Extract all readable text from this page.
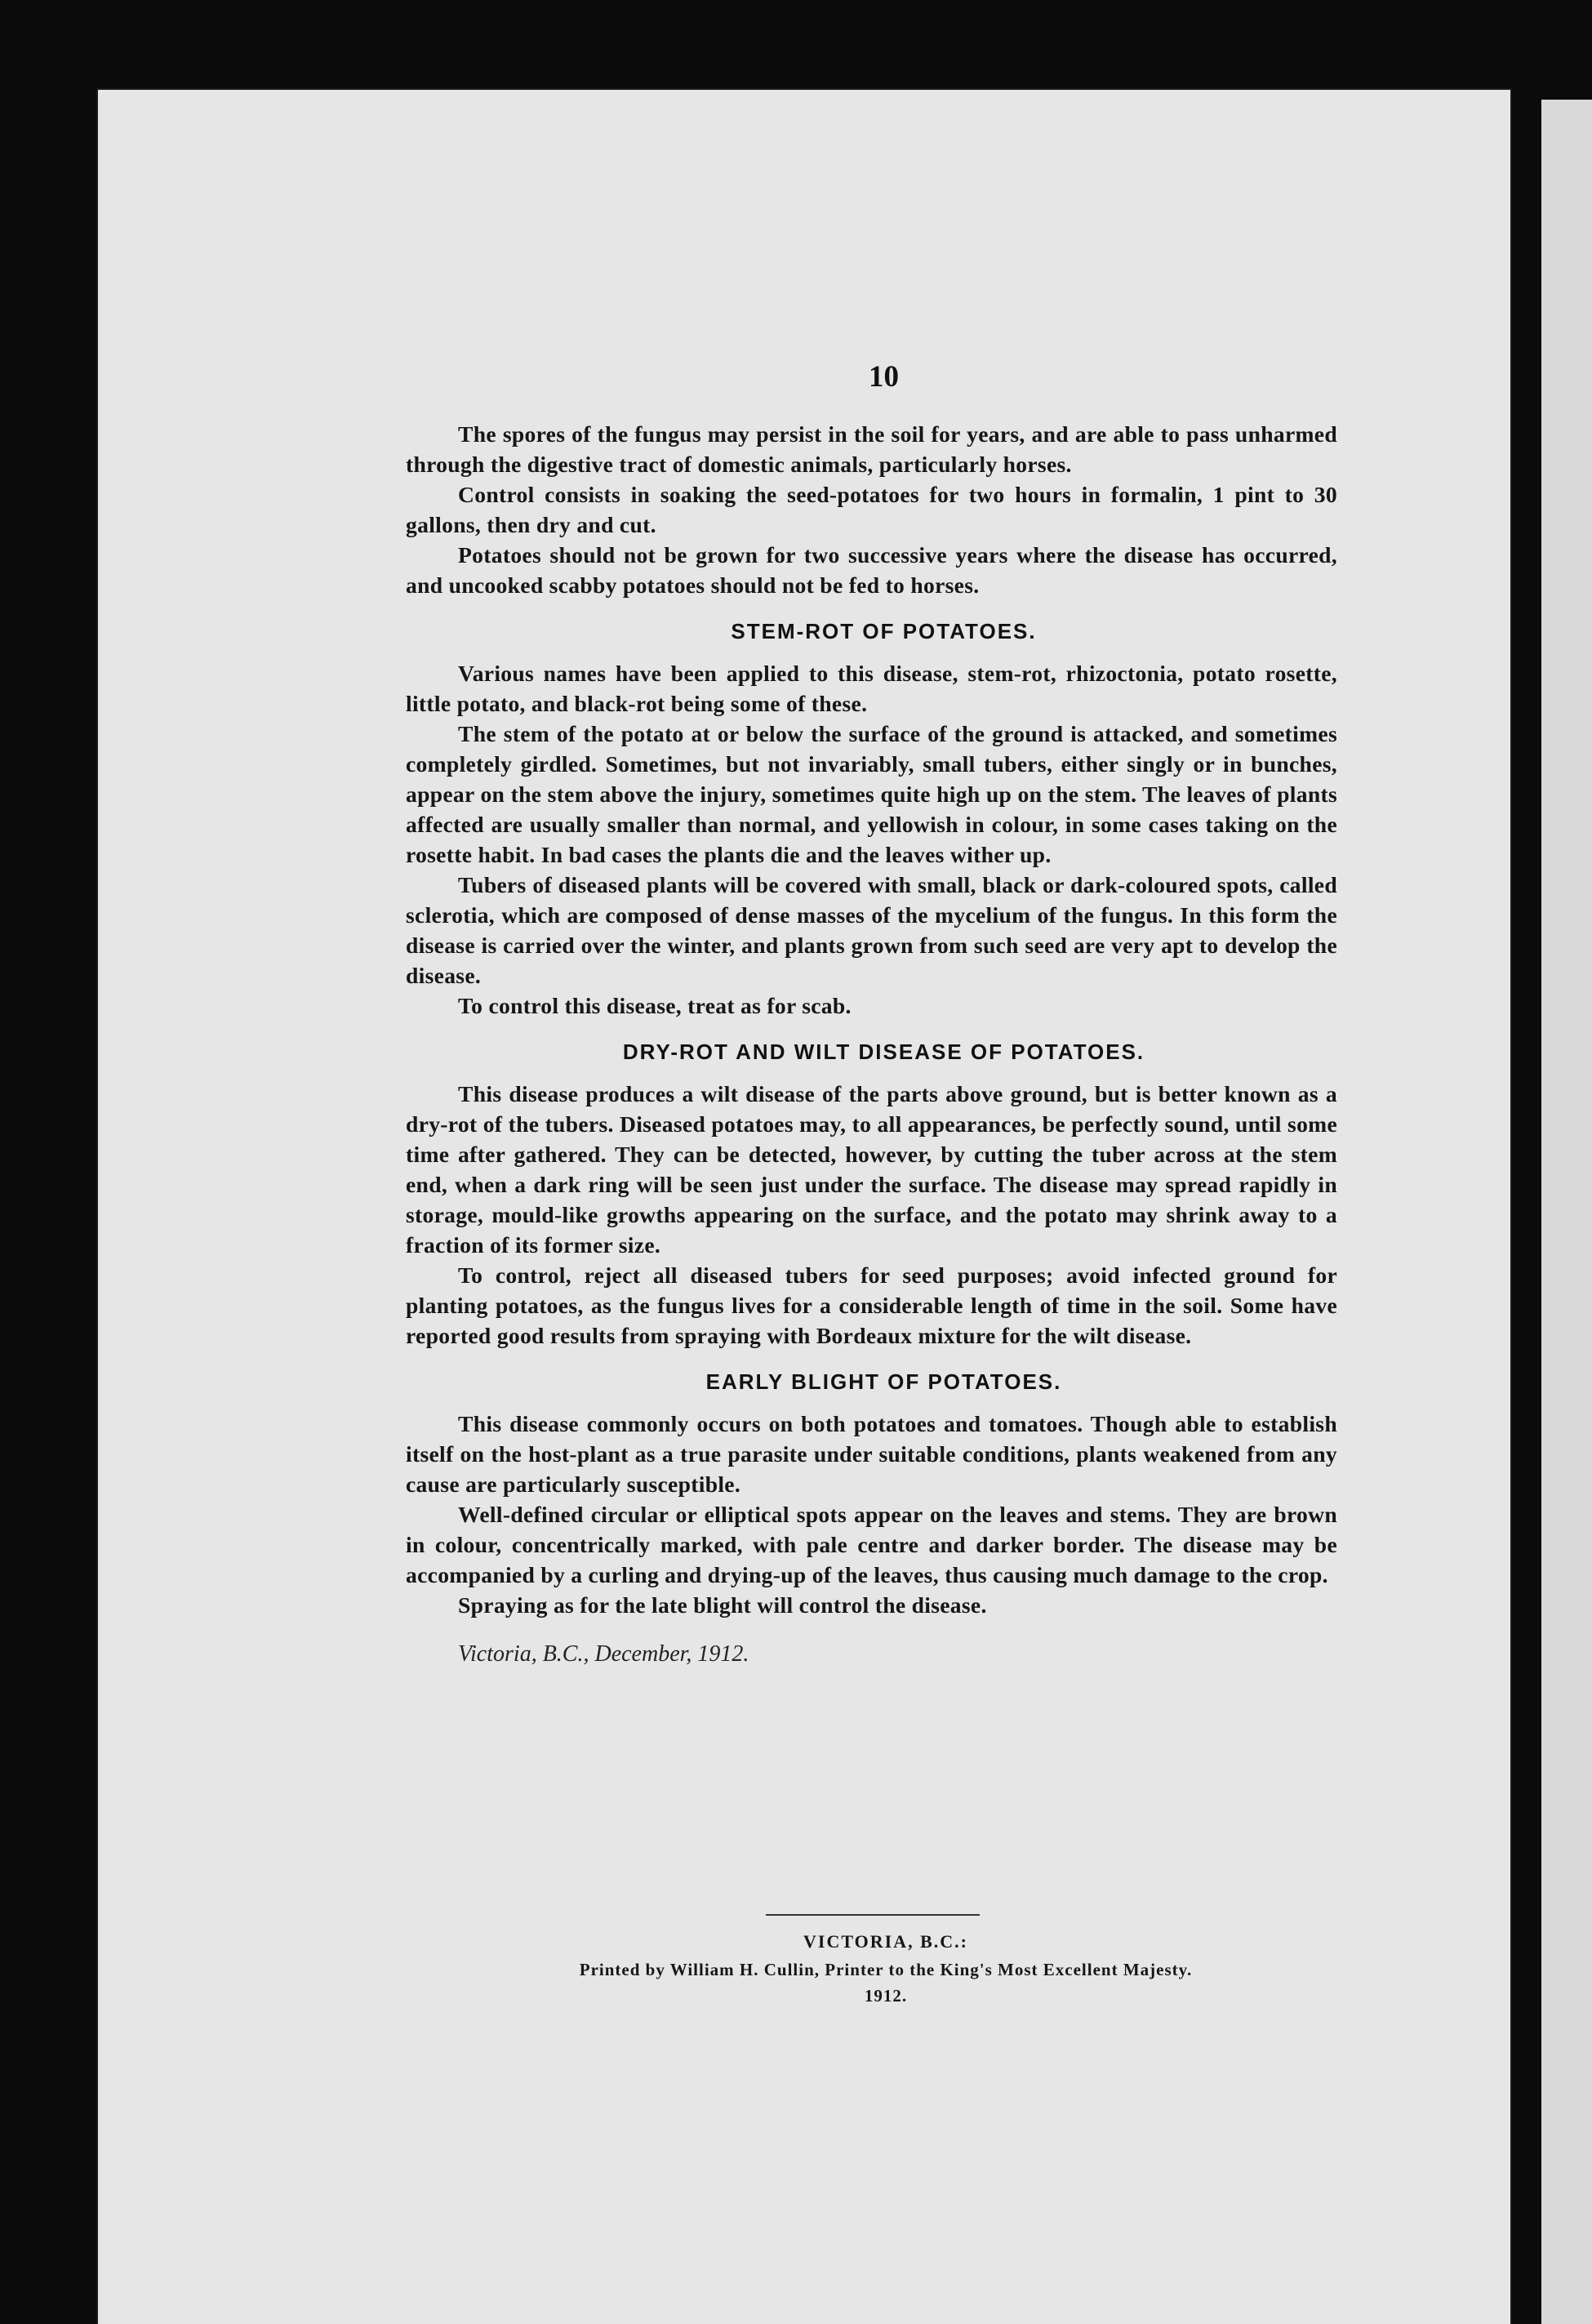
10

The spores of the fungus may persist in the soil for years, and are able to pass unharmed through the digestive tract of domestic animals, particularly horses.

Control consists in soaking the seed-potatoes for two hours in formalin, 1 pint to 30 gallons, then dry and cut.

Potatoes should not be grown for two successive years where the disease has occurred, and uncooked scabby potatoes should not be fed to horses.

STEM-ROT OF POTATOES.

Various names have been applied to this disease, stem-rot, rhizoctonia, potato rosette, little potato, and black-rot being some of these.

The stem of the potato at or below the surface of the ground is attacked, and sometimes completely girdled. Sometimes, but not invariably, small tubers, either singly or in bunches, appear on the stem above the injury, sometimes quite high up on the stem. The leaves of plants affected are usually smaller than normal, and yellowish in colour, in some cases taking on the rosette habit. In bad cases the plants die and the leaves wither up.

Tubers of diseased plants will be covered with small, black or dark-coloured spots, called sclerotia, which are composed of dense masses of the mycelium of the fungus. In this form the disease is carried over the winter, and plants grown from such seed are very apt to develop the disease.

To control this disease, treat as for scab.

DRY-ROT AND WILT DISEASE OF POTATOES.

This disease produces a wilt disease of the parts above ground, but is better known as a dry-rot of the tubers. Diseased potatoes may, to all appearances, be perfectly sound, until some time after gathered. They can be detected, however, by cutting the tuber across at the stem end, when a dark ring will be seen just under the surface. The disease may spread rapidly in storage, mould-like growths appearing on the surface, and the potato may shrink away to a fraction of its former size.

To control, reject all diseased tubers for seed purposes; avoid infected ground for planting potatoes, as the fungus lives for a considerable length of time in the soil. Some have reported good results from spraying with Bordeaux mixture for the wilt disease.

EARLY BLIGHT OF POTATOES.

This disease commonly occurs on both potatoes and tomatoes. Though able to establish itself on the host-plant as a true parasite under suitable conditions, plants weakened from any cause are particularly susceptible.

Well-defined circular or elliptical spots appear on the leaves and stems. They are brown in colour, concentrically marked, with pale centre and darker border. The disease may be accompanied by a curling and drying-up of the leaves, thus causing much damage to the crop.

Spraying as for the late blight will control the disease.

Victoria, B.C., December, 1912.

VICTORIA, B.C.:
Printed by William H. Cullin, Printer to the King's Most Excellent Majesty.
1912.
